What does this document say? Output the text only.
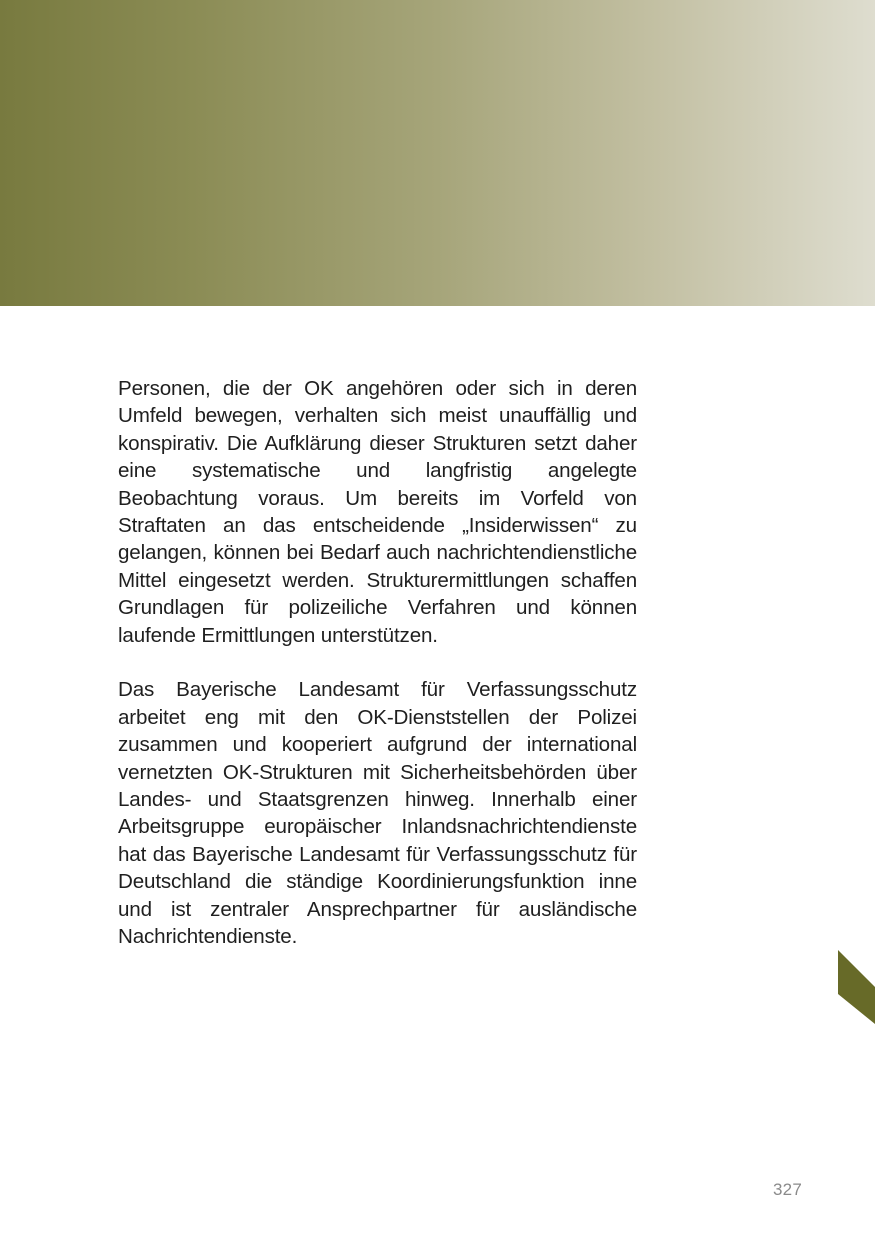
Personen, die der OK angehören oder sich in deren Umfeld bewegen, verhalten sich meist unauffällig und konspirativ. Die Aufklärung dieser Strukturen setzt daher eine systematische und langfristig angelegte Beobachtung voraus. Um bereits im Vorfeld von Straftaten an das entscheidende „Insiderwissen“ zu gelangen, können bei Bedarf auch nachrichtendienstliche Mittel eingesetzt werden. Strukturermittlungen schaffen Grundlagen für polizeiliche Verfahren und können laufende Ermittlungen unterstützen.

Das Bayerische Landesamt für Verfassungsschutz arbeitet eng mit den OK-Dienststellen der Polizei zusammen und kooperiert aufgrund der international vernetzten OK-Strukturen mit Sicherheitsbehörden über Landes- und Staatsgrenzen hinweg. Innerhalb einer Arbeitsgruppe europäischer Inlandsnachrichtendienste hat das Bayerische Landesamt für Verfassungsschutz für Deutschland die ständige Koordinierungsfunktion inne und ist zentraler Ansprechpartner für ausländische Nachrichtendienste.

327
